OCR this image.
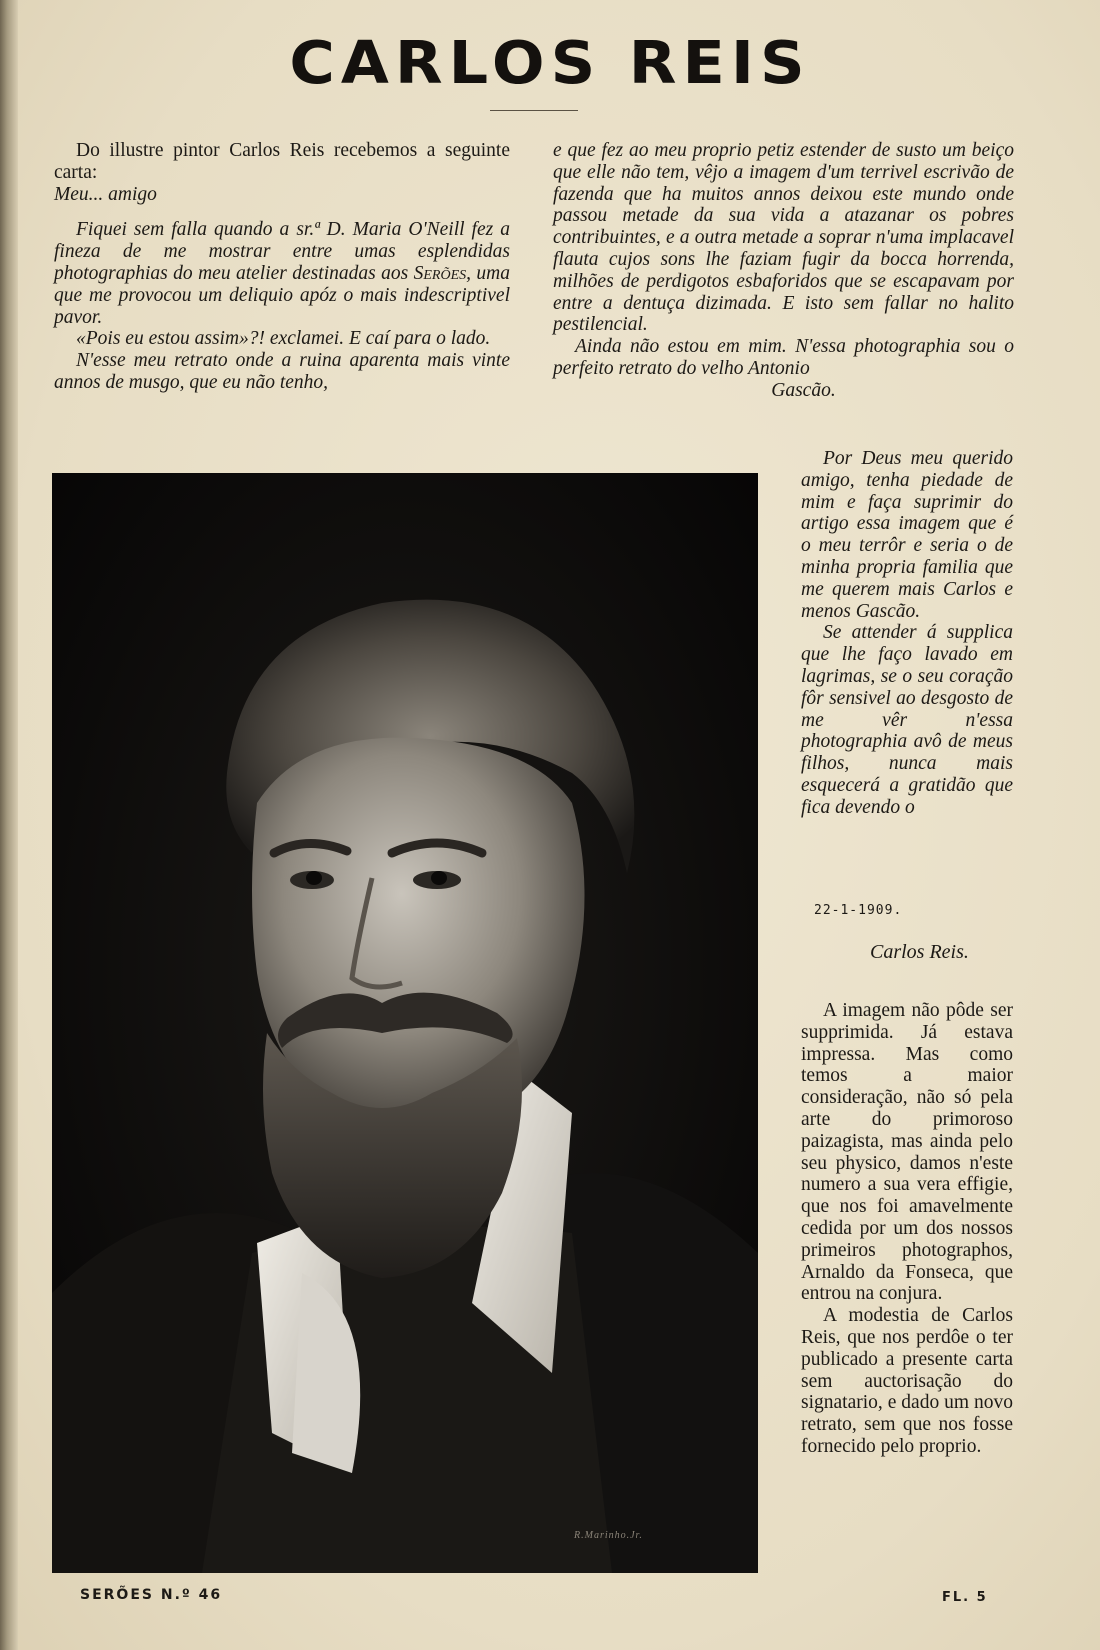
CARLOS REIS

Do illustre pintor Carlos Reis recebemos a seguinte carta:

Meu... amigo

Fiquei sem falla quando a sr.ª D. Maria O'Neill fez a fineza de me mostrar entre umas esplendidas photographias do meu atelier destinadas aos Serões, uma que me provocou um deliquio apóz o mais indescriptivel pavor.

«Pois eu estou assim»?! exclamei. E caí para o lado.

N'esse meu retrato onde a ruina aparenta mais vinte annos de musgo, que eu não tenho,

e que fez ao meu proprio petiz estender de susto um beiço que elle não tem, vêjo a imagem d'um terrivel escrivão de fazenda que ha muitos annos deixou este mundo onde passou metade da sua vida a atazanar os pobres contribuintes, e a outra metade a soprar n'uma implacavel flauta cujos sons lhe faziam fugir da bocca horrenda, milhões de perdigotos esbaforidos que se escapavam por entre a dentuça dizimada. E isto sem fallar no halito pestilencial.

Ainda não estou em mim. N'essa photographia sou o perfeito retrato do velho Antonio

Gascão.

Por Deus meu querido amigo, tenha piedade de mim e faça suprimir do artigo essa imagem que é o meu terrôr e seria o de minha propria familia que me querem mais Carlos e menos Gascão.

Se attender á supplica que lhe faço lavado em lagrimas, se o seu coração fôr sensivel ao desgosto de me vêr n'essa photographia avô de meus filhos, nunca mais esquecerá a gratidão que fica devendo o

22-1-1909.
Carlos Reis.

A imagem não pôde ser supprimida. Já estava impressa. Mas como temos a maior consideração, não só pela arte do primoroso paizagista, mas ainda pelo seu physico, damos n'este numero a sua vera effigie, que nos foi amavelmente cedida por um dos nossos primeiros photographos, Arnaldo da Fonseca, que entrou na conjura.

A modestia de Carlos Reis, que nos perdôe o ter publicado a presente carta sem auctorisação do signatario, e dado um novo retrato, sem que nos fosse fornecido pelo proprio.

R.Marinho.Jr.
SERÕES N.º 46	FL. 5
